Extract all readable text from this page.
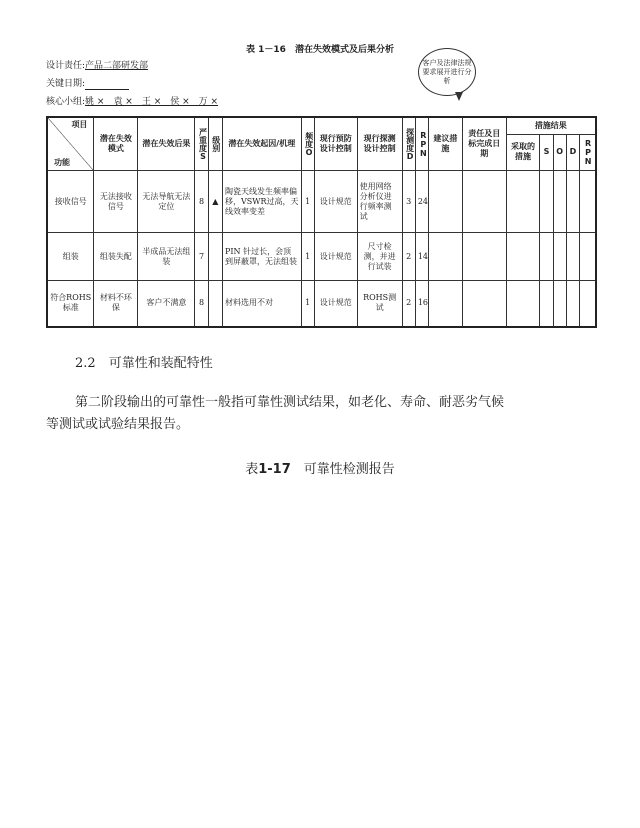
表 1－16　 潜在失效模式及后果分析
设计责任:产品二部研发部
关键日期:
核心小组:姚 ×　袁 ×　王 ×　侯 ×　万 ×
客户及法律法规要求展开进行分析
项目
功能	潜在失效模式	潜在失效后果	严重度S	级别	潜在失效起因/机理	频度O	现行预防设计控制	现行探测设计控制	探测度D	RPN	建议措施	责任及目标完成日期	措施结果				
													采取的措施	S	O	D	RPN

接收信号	无法接收信号	无法导航无法定位	8	▲	陶瓷天线发生频率偏移，VSWR过高，天线效率变差	1	设计规范	使用网络分析仪进行频率测试	3	24							
组装	组装失配	半成品无法组装	7		PIN 针过长，会顶到屏蔽罩，无法组装	1	设计规范	尺寸检测，并进行试装	2	14							
符合ROHS标准	材料不环保	客户不满意	8		材料选用不对	1	设计规范	ROHS测试	2	16							
2.2　 可靠性和装配特性
第二阶段输出的可靠性一般指可靠性测试结果，如老化、寿命、耐恶劣气候
等测试或试验结果报告。
表1-17　 可靠性检测报告
